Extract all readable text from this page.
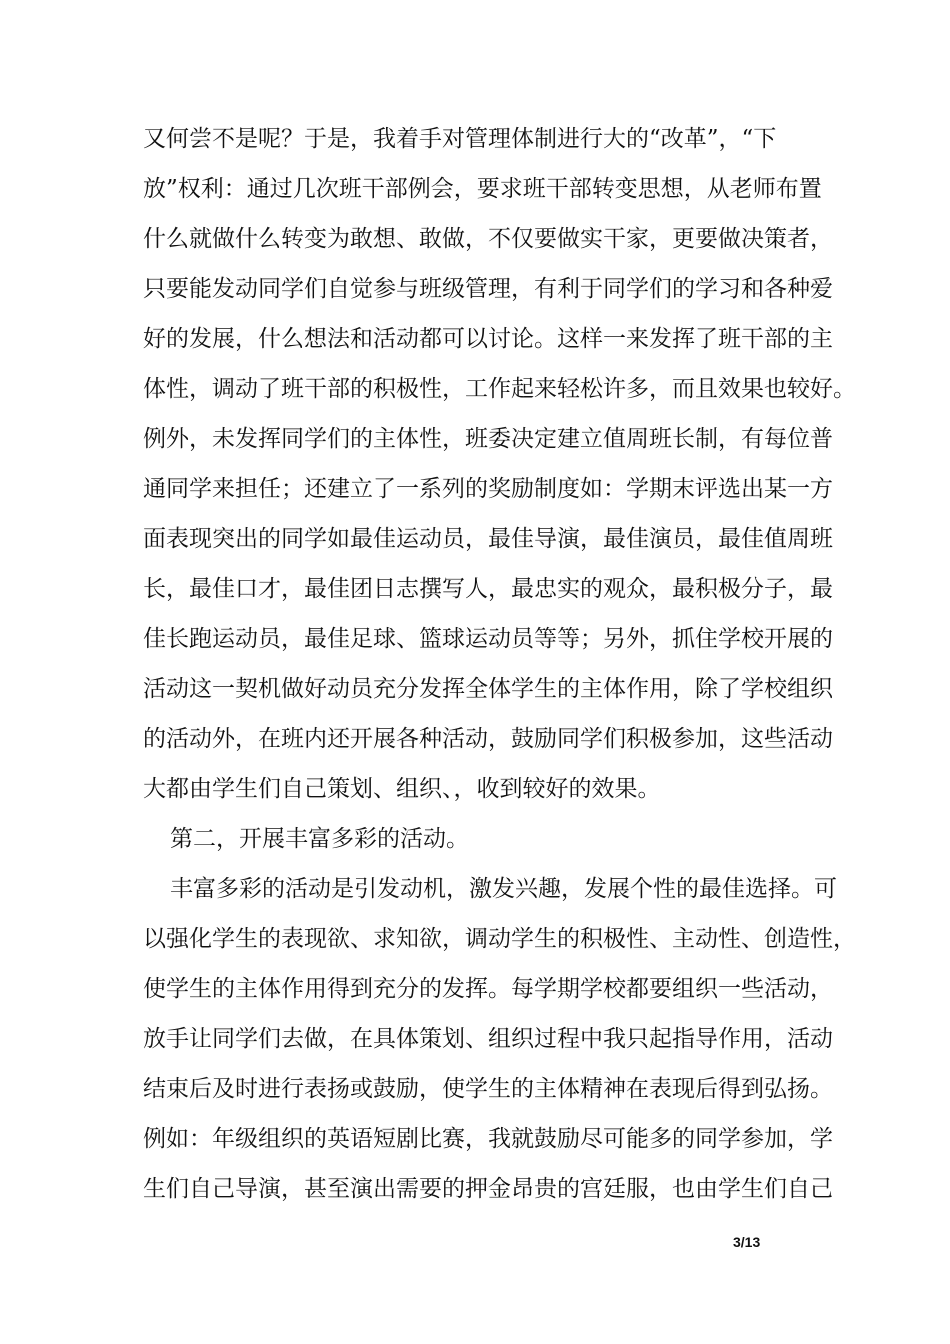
又何尝不是呢？于是，我着手对管理体制进行大的“改革”，“下
放”权利：通过几次班干部例会，要求班干部转变思想，从老师布置
什么就做什么转变为敢想、敢做，不仅要做实干家，更要做决策者，
只要能发动同学们自觉参与班级管理，有利于同学们的学习和各种爱
好的发展，什么想法和活动都可以讨论。这样一来发挥了班干部的主
体性，调动了班干部的积极性，工作起来轻松许多，而且效果也较好。
例外，未发挥同学们的主体性，班委决定建立值周班长制，有每位普
通同学来担任；还建立了一系列的奖励制度如：学期末评选出某一方
面表现突出的同学如最佳运动员，最佳导演，最佳演员，最佳值周班
长，最佳口才，最佳团日志撰写人，最忠实的观众，最积极分子，最
佳长跑运动员，最佳足球、篮球运动员等等；另外，抓住学校开展的
活动这一契机做好动员充分发挥全体学生的主体作用，除了学校组织
的活动外，在班内还开展各种活动，鼓励同学们积极参加，这些活动
大都由学生们自己策划、组织、，收到较好的效果。
第二，开展丰富多彩的活动。
丰富多彩的活动是引发动机，激发兴趣，发展个性的最佳选择。可
以强化学生的表现欲、求知欲，调动学生的积极性、主动性、创造性，
使学生的主体作用得到充分的发挥。每学期学校都要组织一些活动，
放手让同学们去做，在具体策划、组织过程中我只起指导作用，活动
结束后及时进行表扬或鼓励，使学生的主体精神在表现后得到弘扬。
例如：年级组织的英语短剧比赛，我就鼓励尽可能多的同学参加，学
生们自己导演，甚至演出需要的押金昂贵的宫廷服，也由学生们自己
3/13
